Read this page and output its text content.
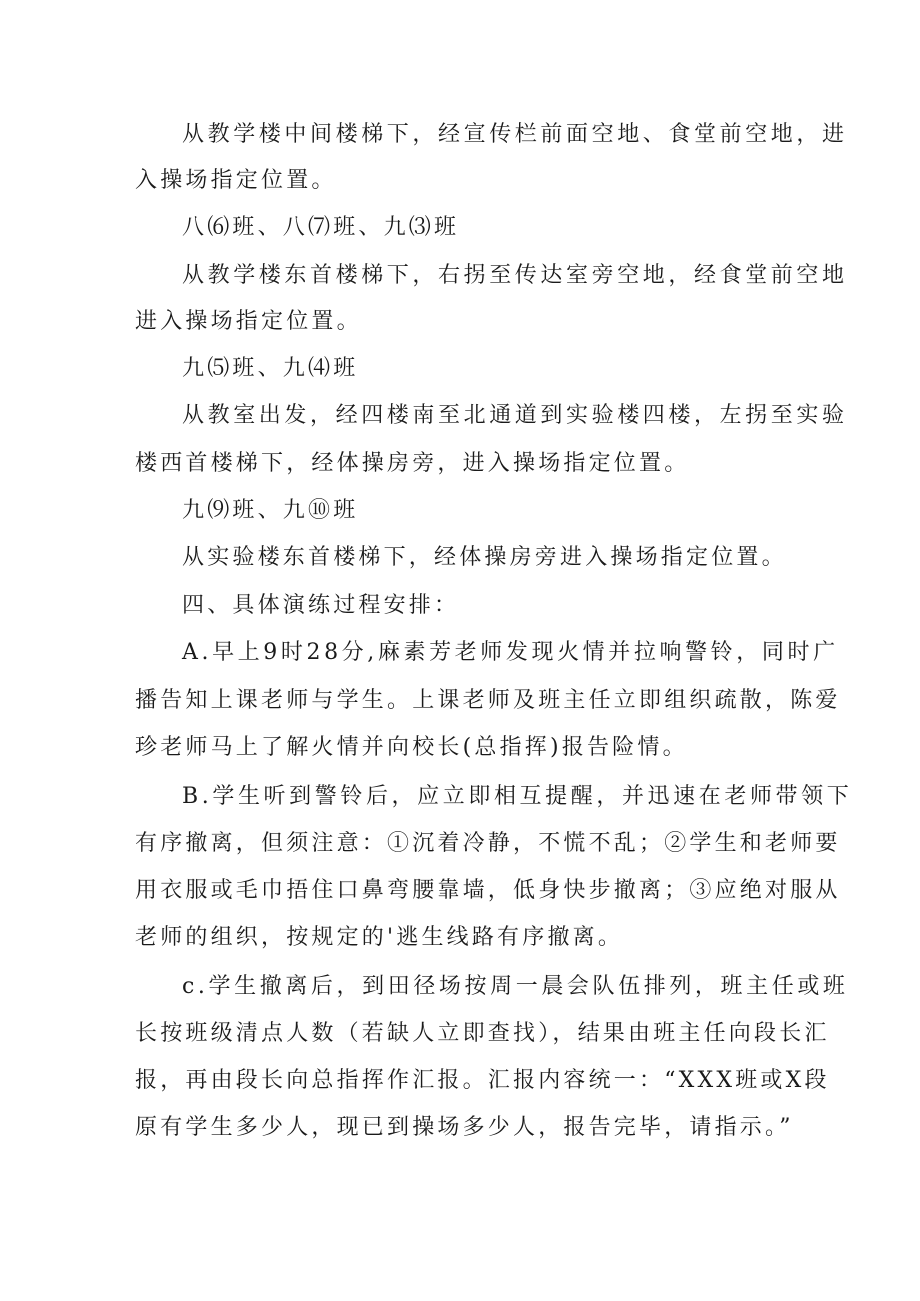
从教学楼中间楼梯下，经宣传栏前面空地、食堂前空地，进
入操场指定位置。
八⑹班、八⑺班、九⑶班
从教学楼东首楼梯下，右拐至传达室旁空地，经食堂前空地
进入操场指定位置。
九⑸班、九⑷班
从教室出发，经四楼南至北通道到实验楼四楼，左拐至实验
楼西首楼梯下，经体操房旁，进入操场指定位置。
九⑼班、九⑩班
从实验楼东首楼梯下，经体操房旁进入操场指定位置。
四、具体演练过程安排：
A.早上9时28分,麻素芳老师发现火情并拉响警铃，同时广
播告知上课老师与学生。上课老师及班主任立即组织疏散，陈爱
珍老师马上了解火情并向校长(总指挥)报告险情。
B.学生听到警铃后，应立即相互提醒，并迅速在老师带领下
有序撤离，但须注意：①沉着冷静，不慌不乱；②学生和老师要
用衣服或毛巾捂住口鼻弯腰靠墙，低身快步撤离；③应绝对服从
老师的组织，按规定的'逃生线路有序撤离。
c.学生撤离后，到田径场按周一晨会队伍排列，班主任或班
长按班级清点人数（若缺人立即查找），结果由班主任向段长汇
报，再由段长向总指挥作汇报。汇报内容统一：“XXX班或X段
原有学生多少人，现已到操场多少人，报告完毕，请指示。”
